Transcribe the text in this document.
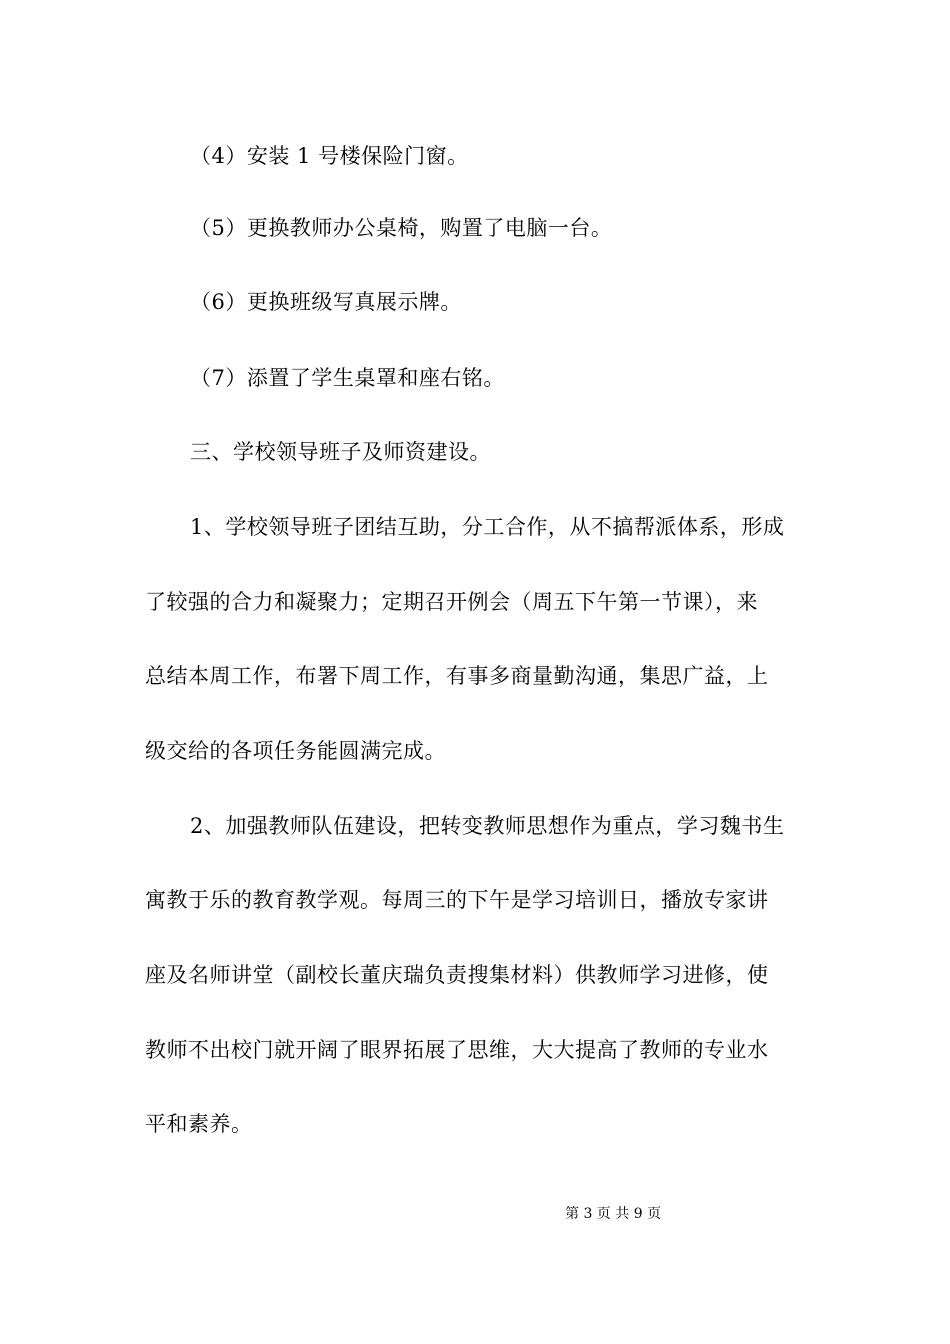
（4）安装 1 号楼保险门窗。
（5）更换教师办公桌椅，购置了电脑一台。
（6）更换班级写真展示牌。
（7）添置了学生桌罩和座右铭。
三、学校领导班子及师资建设。
1、学校领导班子团结互助，分工合作，从不搞帮派体系，形成
了较强的合力和凝聚力；定期召开例会（周五下午第一节课），来
总结本周工作，布署下周工作，有事多商量勤沟通，集思广益，上
级交给的各项任务能圆满完成。
2、加强教师队伍建设，把转变教师思想作为重点，学习魏书生
寓教于乐的教育教学观。每周三的下午是学习培训日，播放专家讲
座及名师讲堂（副校长董庆瑞负责搜集材料）供教师学习进修，使
教师不出校门就开阔了眼界拓展了思维，大大提高了教师的专业水
平和素养。
第 3 页 共 9 页
